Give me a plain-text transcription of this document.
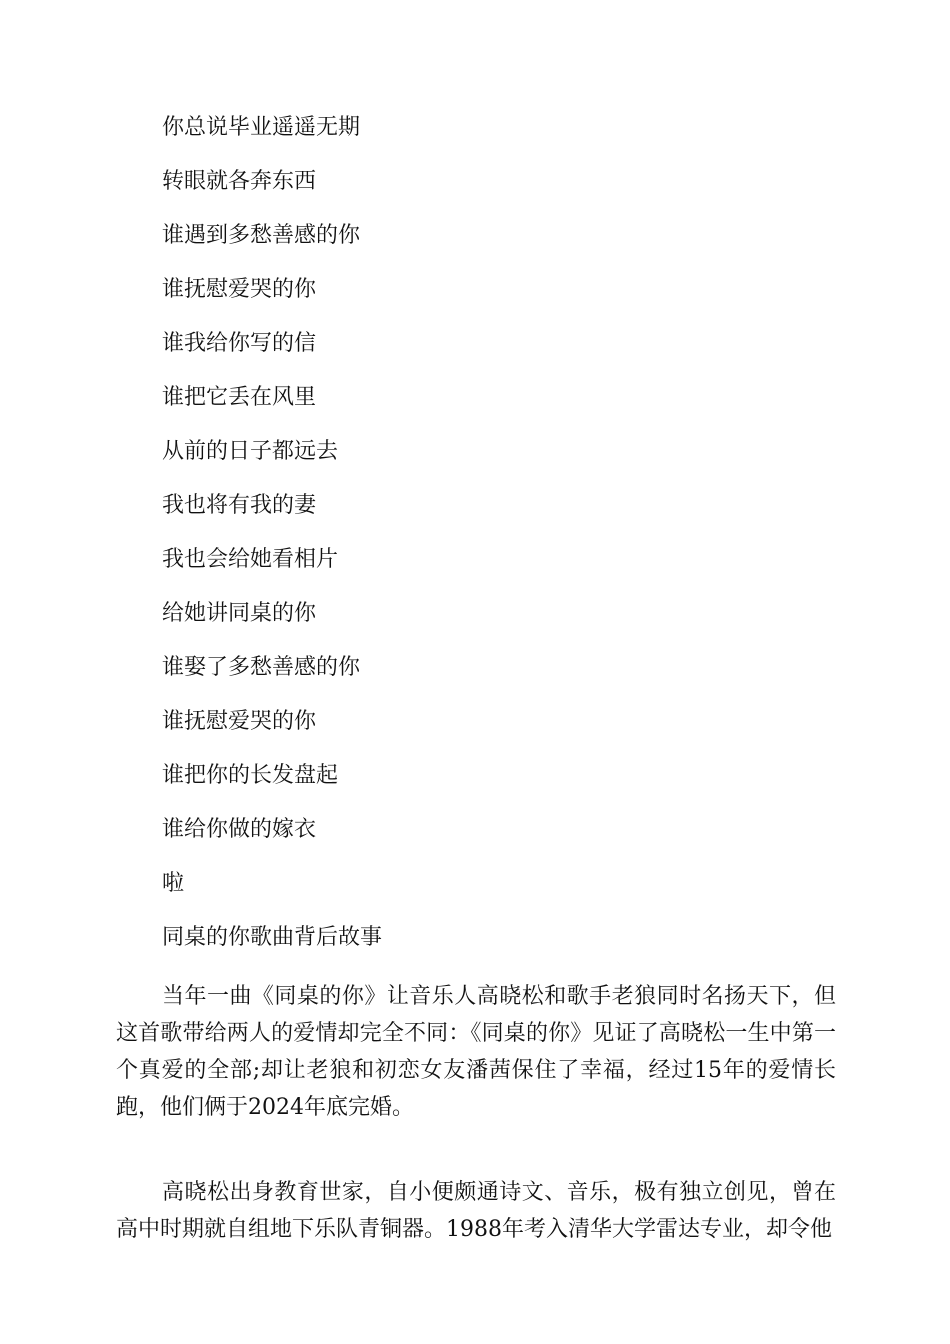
你总说毕业遥遥无期
转眼就各奔东西
谁遇到多愁善感的你
谁抚慰爱哭的你
谁我给你写的信
谁把它丢在风里
从前的日子都远去
我也将有我的妻
我也会给她看相片
给她讲同桌的你
谁娶了多愁善感的你
谁抚慰爱哭的你
谁把你的长发盘起
谁给你做的嫁衣
啦
同桌的你歌曲背后故事

当年一曲《同桌的你》让音乐人高晓松和歌手老狼同时名扬天下，但这首歌带给两人的爱情却完全不同：《同桌的你》见证了高晓松一生中第一个真爱的全部;却让老狼和初恋女友潘茜保住了幸福，经过15年的爱情长跑，他们俩于2024年底完婚。

高晓松出身教育世家，自小便颇通诗文、音乐，极有独立创见，曾在高中时期就自组地下乐队青铜器。1988年考入清华大学雷达专业，却令他
